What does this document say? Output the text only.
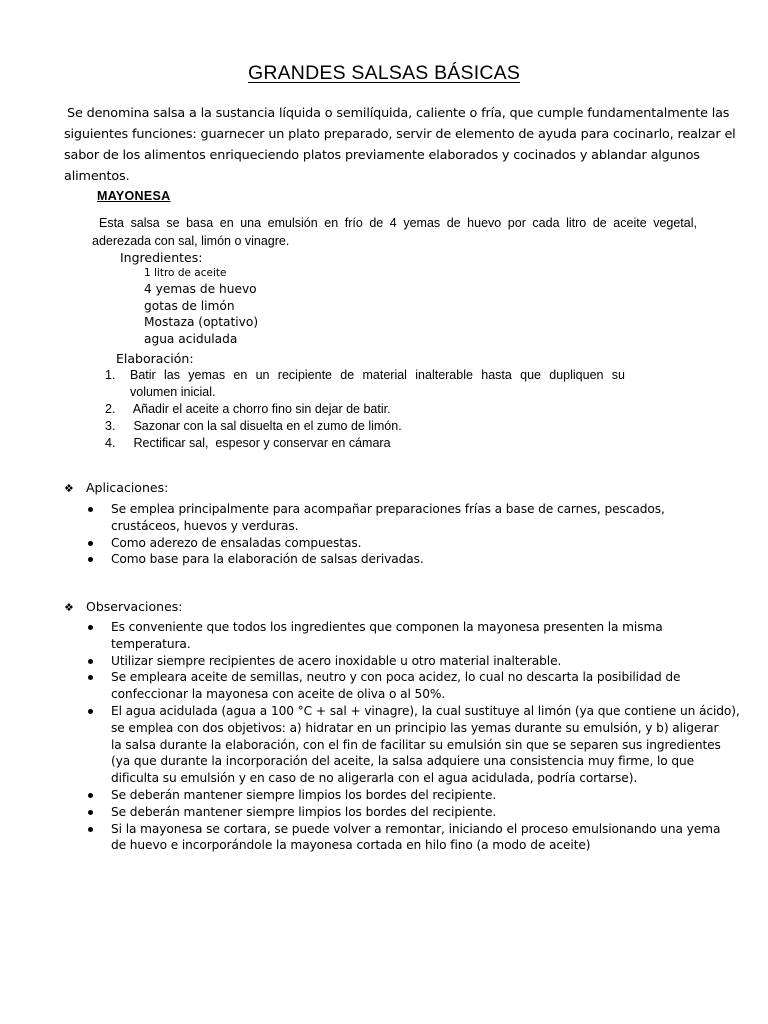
GRANDES SALSAS BÁSICAS
Se denomina salsa a la sustancia líquida o semilíquida, caliente o fría, que cumple fundamentalmente las
siguientes funciones: guarnecer un plato preparado, servir de elemento de ayuda para cocinarlo, realzar el
sabor de los alimentos enriqueciendo platos previamente elaborados y cocinados y ablandar algunos
alimentos.
MAYONESA
Esta salsa se basa en una emulsión en frío de 4 yemas de huevo por cada litro de aceite vegetal,
aderezada con sal, limón o vinagre.
Ingredientes:
1 litro de aceite
4 yemas de huevo
gotas de limón
Mostaza (optativo)
agua acidulada
Elaboración:
1. Batir las yemas en un recipiente de material inalterable hasta que dupliquen su
volumen inicial.
2. Añadir el aceite a chorro fino sin dejar de batir.
3. Sazonar con la sal disuelta en el zumo de limón.
4. Rectificar sal,  espesor y conservar en cámara
❖ Aplicaciones:
Se emplea principalmente para acompañar preparaciones frías a base de carnes, pescados,
crustáceos, huevos y verduras.
Como aderezo de ensaladas compuestas.
Como base para la elaboración de salsas derivadas.
❖ Observaciones:
Es conveniente que todos los ingredientes que componen la mayonesa presenten la misma
temperatura.
Utilizar siempre recipientes de acero inoxidable u otro material inalterable.
Se empleara aceite de semillas, neutro y con poca acidez, lo cual no descarta la posibilidad de
confeccionar la mayonesa con aceite de oliva o al 50%.
El agua acidulada (agua a 100 °C + sal + vinagre), la cual sustituye al limón (ya que contiene un ácido),
se emplea con dos objetivos: a) hidratar en un principio las yemas durante su emulsión, y b) aligerar
la salsa durante la elaboración, con el fin de facilitar su emulsión sin que se separen sus ingredientes
(ya que durante la incorporación del aceite, la salsa adquiere una consistencia muy firme, lo que
dificulta su emulsión y en caso de no aligerarla con el agua acidulada, podría cortarse).
Se deberán mantener siempre limpios los bordes del recipiente.
Se deberán mantener siempre limpios los bordes del recipiente.
Si la mayonesa se cortara, se puede volver a remontar, iniciando el proceso emulsionando una yema
de huevo e incorporándole la mayonesa cortada en hilo fino (a modo de aceite)
